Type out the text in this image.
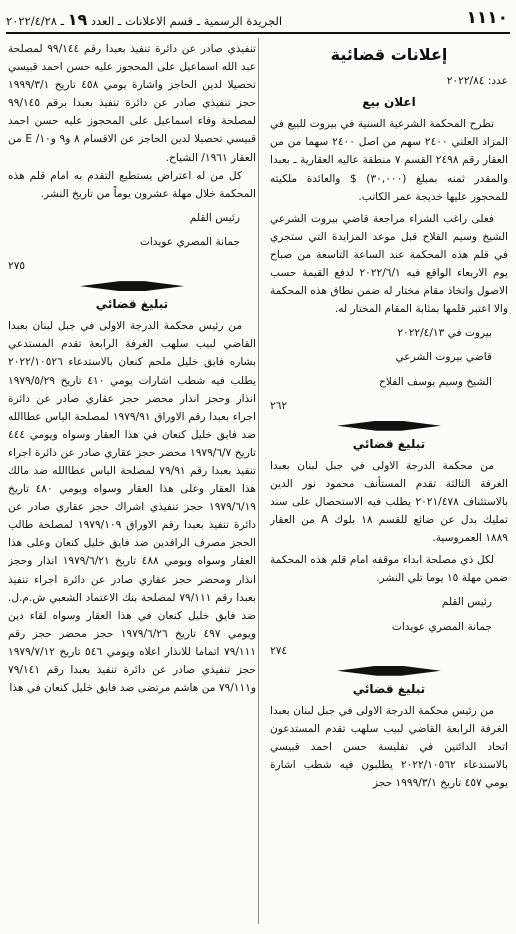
١١١٠
الجريدة الرسمية ـ قسم الاعلانات ـ العدد ١٩ ـ ٢٠٢٢/٤/٢٨
إعلانات قضائية

عدد: ٢٠٢٢/٨٤

اعلان بيع

تطرح المحكمة الشرعية السنية في بيروت للبيع في المزاد العلني ٢٤٠٠ سهم من اصل ٢٤٠٠ سهما من من العقار رقم ٢٤٩٨ القسم ٧ منطقة عاليه العقارية ـ بعبدا والمقدر ثمنه بمبلغ (٣٠,٠٠٠) $ والعائدة ملكيته للمحجور عليها خديجة عمر الكاتب.

فعلى راغب الشراء مراجعة قاضي بيروت الشرعي الشيخ وسيم الفلاح قبل موعد المزايدة التي ستجري في قلم هذه المحكمة عند الساعة التاسعة من صباح يوم الاربعاء الواقع فيه ٢٠٢٢/٦/١ لدفع القيمة حسب الاصول واتخاذ مقام مختار له ضمن نطاق هذه المحكمة والا اعتبر قلمها بمثابة المقام المختار له.

بيروت في ٢٠٢٢/٤/١٣

قاضي بيروت الشرعي

الشيخ وسيم يوسف الفلاح

٢٦٢

تبليغ قضائي

من محكمة الدرجة الاولى في جبل لبنان بعبدا الغرفة الثالثة تقدم المستأنف محمود نور الدين بالاستئناف ٢٠٢١/٤٧٨ يطلب فيه الاستحصال على سند تمليك بدل عن ضائع للقسم ١٨ بلوك A من العقار ١٨٨٩ العمروسية.

لكل ذي مصلحة ابداء موقفه امام قلم هذه المحكمة ضمن مهلة ١٥ يوما تلي النشر.

رئيس القلم

جمانة المصري عويدات

٢٧٤

تبليغ قضائي

من رئيس محكمة الدرجة الاولى في جبل لبنان بعبدا الغرفة الرابعة القاضي لبيب سلهب تقدم المستدعون اتحاد الدائنين في تفليسة حسن احمد قبيسي بالاستدعاء ٢٠٢٢/١٠٥٦٢ يطلبون فيه شطب اشارة يومي ٤٥٧ تاريخ ١٩٩٩/٣/١ حجز

تنفيذي صادر عن دائرة تنفيذ بعبدا رقم ٩٩/١٤٤ لمصلحة عبد الله اسماعيل على المحجوز عليه حسن احمد قبيسي تحصيلا لدين الحاجز واشارة يومي ٤٥٨ تاريخ ١٩٩٩/٣/١ حجز تنفيذي صادر عن دائرة تنفيذ بعبدا برقم ٩٩/١٤٥ لمصلحة وفاء اسماعيل على المحجوز عليه حسن احمد قبيسي تحصيلا لدين الحاجز عن الاقسام ٨ و٩ و١٠/ E من العقار ١٩٦١/ الشياح.

كل من له اعتراض يستطيع التقدم به امام قلم هذه المحكمة خلال مهلة عشرون يوماً من تاريخ النشر.

رئيس القلم

جمانة المصري عويدات

٢٧٥

تبليغ قضائي

من رئيس محكمة الدرجة الاولى في جبل لبنان بعبدا القاضي لبيب سلهب الغرفة الرابعة تقدم المستدعي بشاره فايق خليل ملحم كنعان بالاستدعاء ٢٠٢٢/١٠٥٢٦ يطلب فيه شطب اشارات يومي ٤١٠ تاريخ ١٩٧٩/٥/٢٩ انذار وحجز انذار محضر حجز عقاري صادر عن دائرة اجراء بعبدا رقم الاوراق ١٩٧٩/٩١ لمصلحة الياس عطاالله ضد فايق خليل كنعان في هذا العقار وسواه ويومي ٤٤٤ تاريخ ١٩٧٩/٦/٧ محضر حجز عقاري صادر عن دائرة اجراء تنفيذ بعبدا رقم ٧٩/٩١ لمصلحة الياس عطاالله ضد مالك هذا العقار وعلى هذا العقار وسواه ويومي ٤٨٠ تاريخ ١٩٧٩/٦/١٩ حجز تنفيذي اشراك حجز عقاري صادر عن دائرة تنفيذ بعبدا رقم الاوراق ١٩٧٩/١٠٩ لمصلحة طالب الحجز مصرف الرافدين ضد فايق خليل كنعان وعلى هذا العقار وسواه ويومي ٤٨٨ تاريخ ١٩٧٩/٦/٢١ انذار وحجز انذار ومحضر حجز عقاري صادر عن دائرة اجراء تنفيذ بعبدا رقم ٧٩/١١١ لمصلحة بنك الاعتماد الشعبي ش.م.ل. ضد فايق خليل كنعان في هذا العقار وسواه لقاء دين ويومي ٤٩٧ تاريخ ١٩٧٩/٦/٢٦ حجز محضر حجز رقم ٧٩/١١١ اتماما للانذار اعلاه ويومي ٥٤٦ تاريخ ١٩٧٩/٧/١٢ حجز تنفيذي صادر عن دائرة تنفيذ بعبدا رقم ٧٩/١٤١ و٧٩/١١١ من هاشم مرتضى ضد فايق خليل كنعان في هذا
